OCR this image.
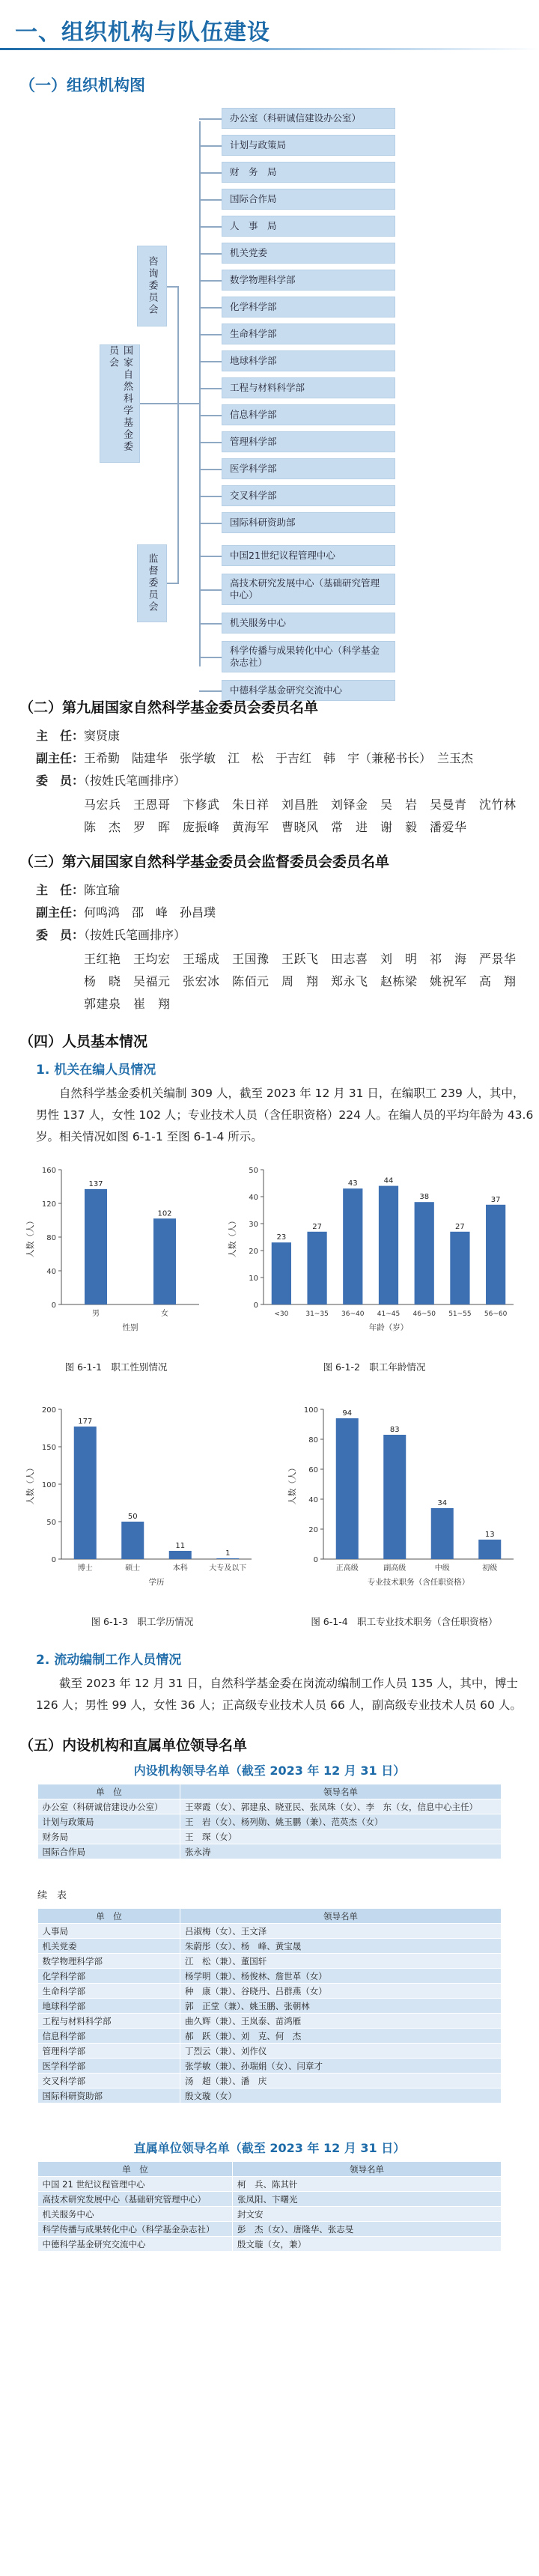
一、组织机构与队伍建设
（一）组织机构图
国家自然科学基金委员会
咨询委员会
监督委员会
办公室（科研诚信建设办公室）
计划与政策局
财　务　局
国际合作局
人　事　局
机关党委
数学物理科学部
化学科学部
生命科学部
地球科学部
工程与材料科学部
信息科学部
管理科学部
医学科学部
交叉科学部
国际科研资助部
中国21世纪议程管理中心
高技术研究发展中心（基础研究管理中心）
机关服务中心
科学传播与成果转化中心（科学基金杂志社）
中德科学基金研究交流中心
（二）第九届国家自然科学基金委员会委员名单
主　任：窦贤康
副主任：王希勤　陆建华　张学敏　江　松　于吉红　韩　宇（兼秘书长）　兰玉杰
委　员：（按姓氏笔画排序）
马宏兵　王恩哥　卞修武　朱日祥　刘昌胜　刘铎金　吴　岩　吴曼青　沈竹林
陈　杰　罗　晖　庞振峰　黄海军　曹晓风　常　进　谢　毅　潘爱华
（三）第六届国家自然科学基金委员会监督委员会委员名单
主　任：陈宜瑜
副主任：何鸣鸿　邵　峰　孙昌璞
委　员：（按姓氏笔画排序）
王红艳　王均宏　王瑶成　王国豫　王跃飞　田志喜　刘　明　祁　海　严景华
杨　晓　吴福元　张宏冰　陈佰元　周　翔　郑永飞　赵栋梁　姚祝军　高　翔
郭建泉　崔　翔
（四）人员基本情况
1. 机关在编人员情况
　　自然科学基金委机关编制 309 人，截至 2023 年 12 月 31 日，在编职工 239 人，其中，
男性 137 人，女性 102 人；专业技术人员（含任职资格）224 人。在编人员的平均年龄为 43.6
岁。相关情况如图 6-1-1 至图 6-1-4 所示。
0
40
80
120
160
人数（人）
137
男
102
女
性别
图 6-1-1　职工性别情况
0
10
20
30
40
50
人数（人）	23
<30
27
31~35
43
36~40
44
41~45
38
46~50
27
51~55
37
56~60
年龄（岁）
图 6-1-2　职工年龄情况
0
50
100
150
200
人数（人）
177
博士
50
硕士
11
本科
1
大专及以下
学历
图 6-1-3　职工学历情况
0
20
40
60
80
100
人数（人）
94
正高级
83
副高级
34
中级
13
初级
专业技术职务（含任职资格）
图 6-1-4　职工专业技术职务（含任职资格）
2. 流动编制工作人员情况
　　截至 2023 年 12 月 31 日，自然科学基金委在岗流动编制工作人员 135 人，其中，博士
126 人；男性 99 人，女性 36 人；正高级专业技术人员 66 人，副高级专业技术人员 60 人。
（五）内设机构和直属单位领导名单
内设机构领导名单（截至 2023 年 12 月 31 日）
单　位	领导名单
办公室（科研诚信建设办公室）	王翠霞（女）、郭建泉、晓亚民、张凤珠（女）、李　东（女，信息中心主任）
计划与政策局	王　岩（女）、杨列勋、姚玉鹏（兼）、范英杰（女）
财务局	王　琛（女）
国际合作局	张永涛
续　表
单　位	领导名单
人事局	吕淑梅（女）、王文泽
机关党委	朱蔚彤（女）、杨　峰、黄宝晟
数学物理科学部	江　松（兼）、董国轩
化学科学部	杨学明（兼）、杨俊林、詹世革（女）
生命科学部	种　康（兼）、谷晓丹、吕群燕（女）
地球科学部	郭　正堂（兼）、姚玉鹏、张朝林
工程与材料科学部	曲久辉（兼）、王岚泰、苗鸿雁
信息科学部	郝　跃（兼）、刘　克、何　杰
管理科学部	丁烈云（兼）、刘作仪
医学科学部	张学敏（兼）、孙瑞娟（女）、闫章才
交叉科学部	汤　超（兼）、潘　庆
国际科研资助部	殷文璇（女）
直属单位领导名单（截至 2023 年 12 月 31 日）
单　位	领导名单
中国 21 世纪议程管理中心	柯　兵、陈其针
高技术研究发展中心（基础研究管理中心）	张凤阳、卞曙光
机关服务中心	封文安
科学传播与成果转化中心（科学基金杂志社）	彭　杰（女）、唐隆华、张志旻
中德科学基金研究交流中心	殷文璇（女，兼）
